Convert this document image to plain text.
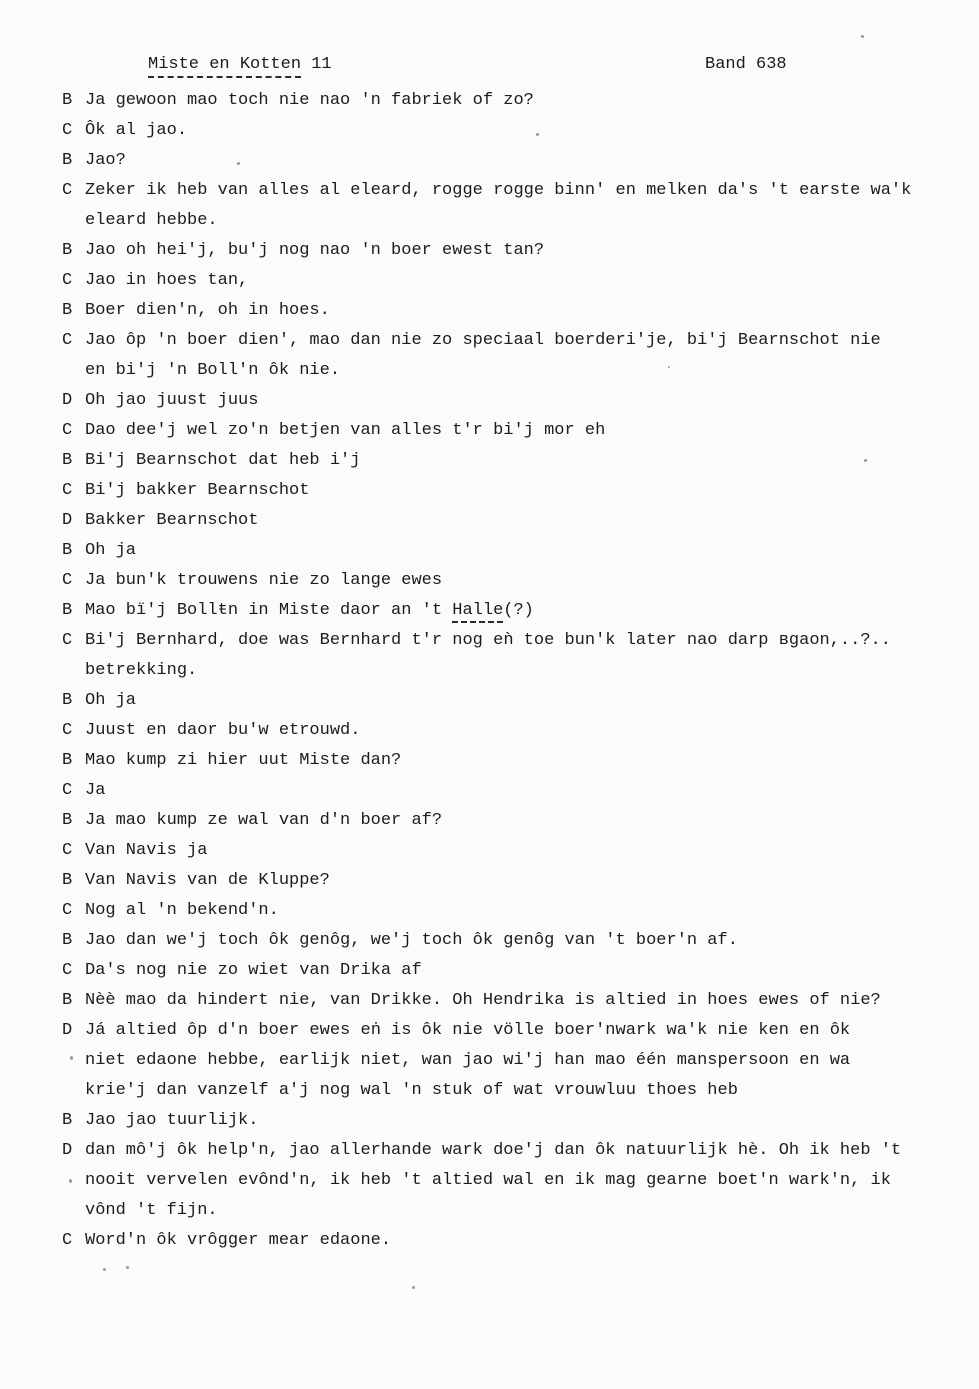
Miste en Kotten 11	Band 638
B Ja gewoon mao toch nie nao 'n fabriek of zo?
C Ôk al jao.
B Jao?
C Zeker ik heb van alles al eleard, rogge rogge binn' en melken da's 't earste wa'k
eleard hebbe.
B Jao oh hei'j, bu'j nog nao 'n boer ewest tan?
C Jao in hoes tan,
B Boer dien'n, oh in hoes.
C Jao ôp 'n boer dien', mao dan nie zo speciaal boerderi'je, bi'j Bearnschot nie
en bi'j 'n Boll'n ôk nie.
D Oh jao juust juus
C Dao dee'j wel zo'n betjen van alles t'r bi'j mor eh
B Bi'j Bearnschot dat heb i'j
C Bi'j bakker Bearnschot
D Bakker Bearnschot
B Oh ja
C Ja bun'k trouwens nie zo lange ewes
B Mao bï'j Bollŧn in Miste daor an 't Halle(?)
C Bi'j Bernhard, doe was Bernhard t'r nog eǹ toe bun'k later nao darp ʙgaon,..?..
betrekking.
B Oh ja
C Juust en daor bu'w etrouwd.
B Mao kump zi hier uut Miste dan?
C Ja
B Ja mao kump ze wal van d'n boer af?
C Van Navis ja
B Van Navis van de Kluppe?
C Nog al 'n bekend'n.
B Jao dan we'j toch ôk genôg, we'j toch ôk genôg van 't boer'n af.
C Da's nog nie zo wiet van Drika af
B Nèè mao da hindert nie, van Drikke. Oh Hendrika is altied in hoes ewes of nie?
D Já altied ôp d'n boer ewes eṅ is ôk nie völle boer'nwark wa'k nie ken en ôk
niet edaone hebbe, earlijk niet, wan jao wi'j han mao één manspersoon en wa
krie'j dan vanzelf a'j nog wal 'n stuk of wat vrouwluu thoes heb
B Jao jao tuurlijk.
D dan mô'j ôk help'n, jao allerhande wark doe'j dan ôk natuurlijk hè. Oh ik heb 't
nooit vervelen evônd'n, ik heb 't altied wal en ik mag gearne boet'n wark'n, ik
vônd 't fijn.
C Word'n ôk vrôgger mear edaone.
